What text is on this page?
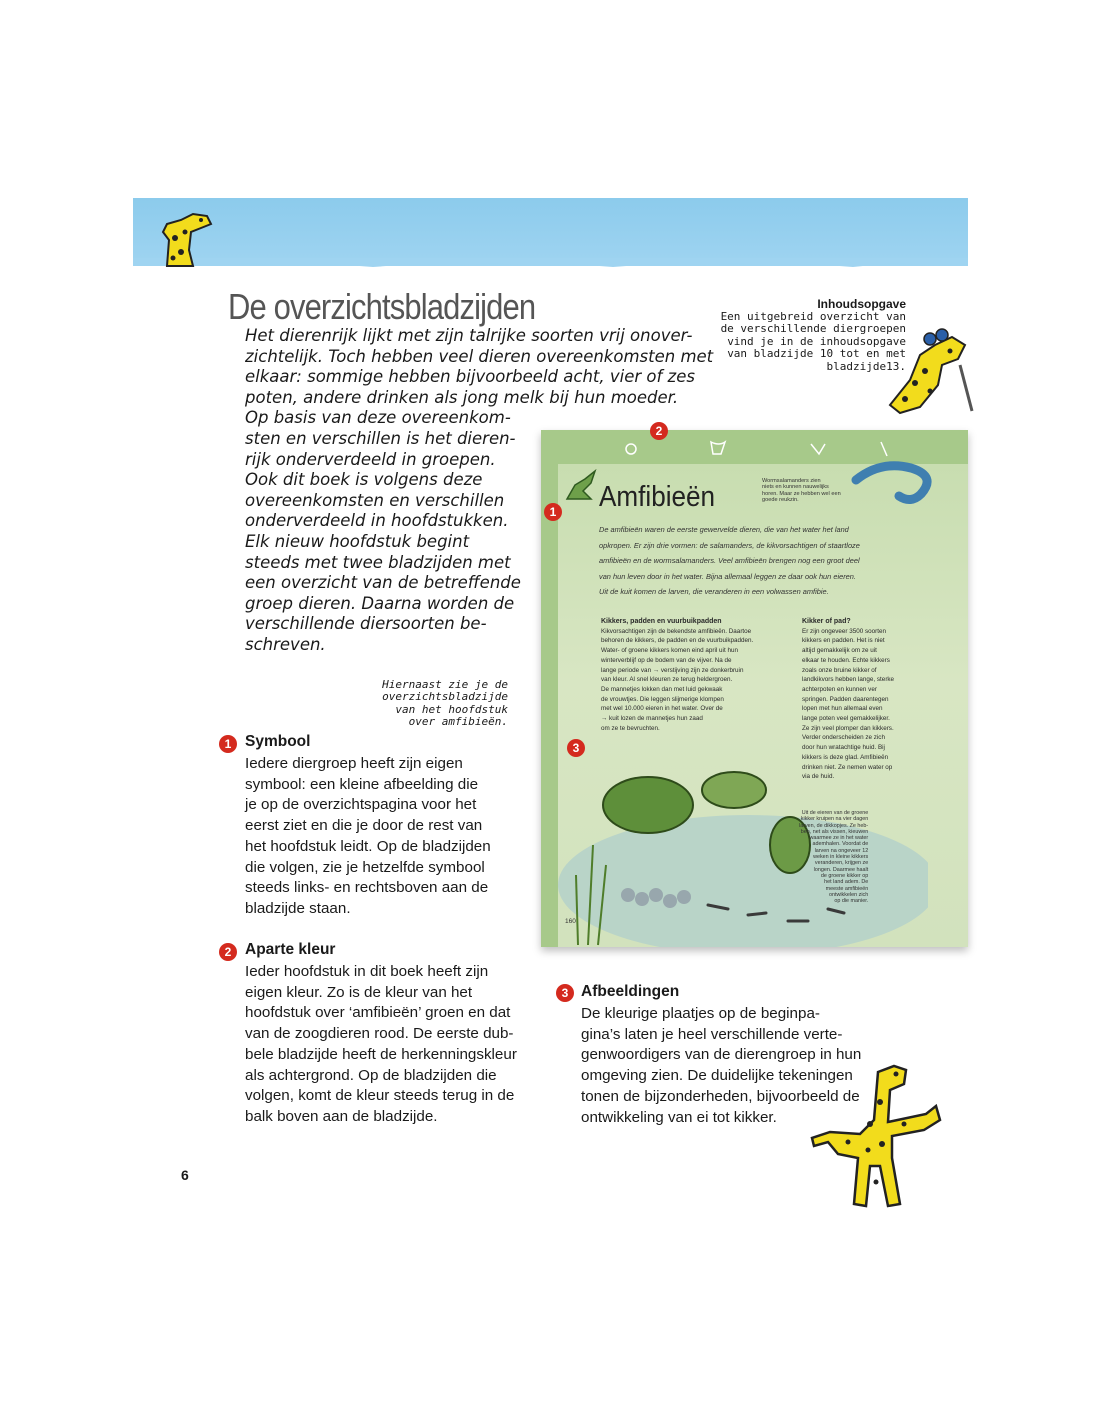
De overzichtsbladzijden
Het dierenrijk lijkt met zijn talrijke soorten vrij onover-
zichtelijk. Toch hebben veel dieren overeenkomsten met
elkaar: sommige hebben bijvoorbeeld acht, vier of zes
poten, andere drinken als jong melk bij hun moeder.
Op basis van deze overeenkom-
sten en verschillen is het dieren-
rijk onderverdeeld in groepen.
Ook dit boek is volgens deze
overeenkomsten en verschillen
onderverdeeld in hoofdstukken.
Elk nieuw hoofdstuk begint
steeds met twee bladzijden met
een overzicht van de betreffende
groep dieren. Daarna worden de
verschillende diersoorten be-
schreven.
Inhoudsopgave
Een uitgebreid overzicht van
de verschillende diergroepen
vind je in de inhoudsopgave
van bladzijde 10 tot en met
bladzijde13.
Amfibieën	Wormsalamanders zien
niets en kunnen nauwelijks
horen. Maar ze hebben wel een
goede reukzin.
De amfibieën waren de eerste gewervelde dieren, die van het water het land
opkropen. Er zijn drie vormen: de salamanders, de kikvorsachtigen of staartloze
amfibieën en de wormsalamanders. Veel amfibieën brengen nog een groot deel
van hun leven door in het water. Bijna allemaal leggen ze daar ook hun eieren.
Uit de kuit komen de larven, die veranderen in een volwassen amfibie.
Kikkers, padden en vuurbuikpadden
Kikvorsachtigen zijn de bekendste amfibieën. Daartoe
behoren de kikkers, de padden en de vuurbuikpadden.
Water- of groene kikkers komen eind april uit hun
winterverblijf op de bodem van de vijver. Na de
lange periode van → verstijving zijn ze donkerbruin
van kleur. Al snel kleuren ze terug heldergroen.
De mannetjes lokken dan met luid gekwaak
de vrouwtjes. Die leggen slijmerige klompen
met wel 10.000 eieren in het water. Over de
→ kuit lozen de mannetjes hun zaad
om ze te bevruchten.
Kikker of pad?
Er zijn ongeveer 3500 soorten
kikkers en padden. Het is niet
altijd gemakkelijk om ze uit
elkaar te houden. Echte kikkers
zoals onze bruine kikker of
landkikvors hebben lange, sterke
achterpoten en kunnen ver
springen. Padden daarentegen
lopen met hun allemaal even
lange poten veel gemakkelijker.
Ze zijn veel plomper dan kikkers.
Verder onderscheiden ze zich
door hun wratachtige huid. Bij
kikkers is deze glad. Amfibieën
drinken niet. Ze nemen water op
via de huid.
Uit de eieren van de groene
kikker kruipen na vier dagen
larven, de dikkopjes. Ze heb-
ben, net als vissen, kieuwen
waarmee ze in het water
ademhalen. Voordat de
larven na ongeveer 12
weken in kleine kikkers
veranderen, krijgen ze
longen. Daarmee haalt
de groene kikker op
het land adem. De
meeste amfibieën
ontwikkelen zich
op die manier.
160
1
2
3
Hiernaast zie je de
overzichtsbladzijde
van het hoofdstuk
over amfibieën.
1 Symbool
Iedere diergroep heeft zijn eigen
symbool: een kleine afbeelding die
je op de overzichtspagina voor het
eerst ziet en die je door de rest van
het hoofdstuk leidt. Op de bladzijden
die volgen, zie je hetzelfde symbool
steeds links- en rechtsboven aan de
bladzijde staan.
2 Aparte kleur
Ieder hoofdstuk in dit boek heeft zijn
eigen kleur. Zo is de kleur van het
hoofdstuk over ‘amfibieën’ groen en dat
van de zoogdieren rood. De eerste dub-
bele bladzijde heeft de herkenningskleur
als achtergrond. Op de bladzijden die
volgen, komt de kleur steeds terug in de
balk boven aan de bladzijde.
3 Afbeeldingen
De kleurige plaatjes op de beginpa-
gina’s laten je heel verschillende verte-
genwoordigers van de dierengroep in hun
omgeving zien. De duidelijke tekeningen
tonen de bijzonderheden, bijvoorbeeld de
ontwikkeling van ei tot kikker.
6
